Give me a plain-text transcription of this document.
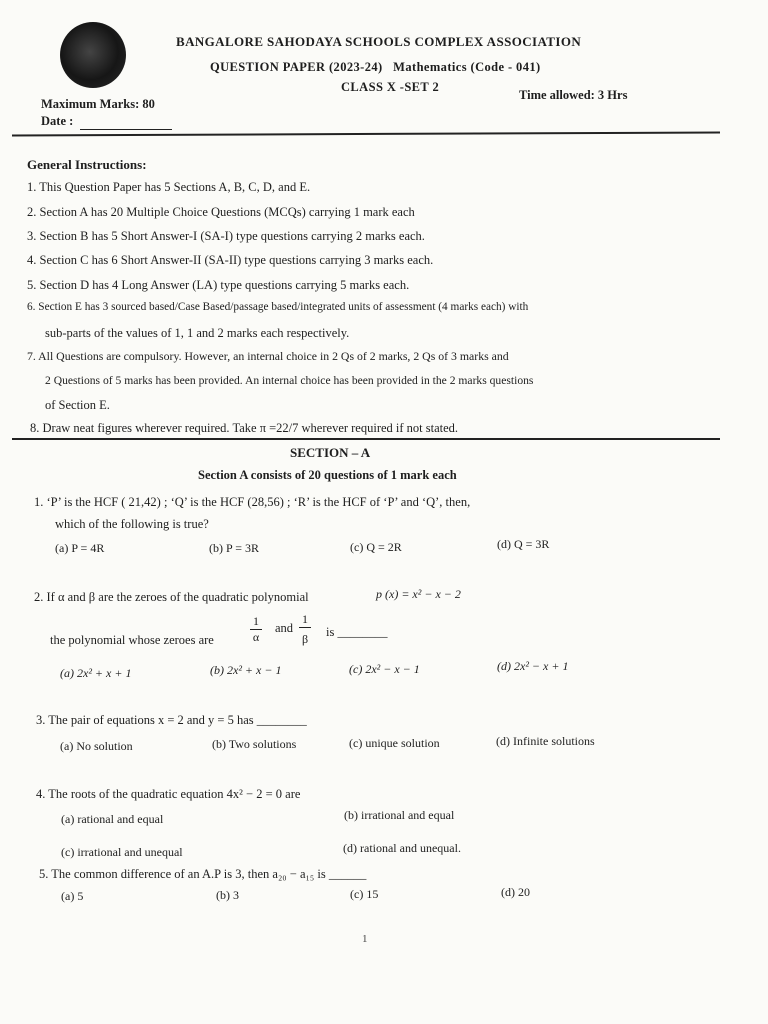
BANGALORE SAHODAYA SCHOOLS COMPLEX ASSOCIATION
QUESTION PAPER (2023-24) Mathematics (Code - 041)
CLASS X -SET 2
Maximum Marks: 80
Time allowed: 3 Hrs
Date :
General Instructions:
1. This Question Paper has 5 Sections A, B, C, D, and E.
2. Section A has 20 Multiple Choice Questions (MCQs) carrying 1 mark each
3. Section B has 5 Short Answer-I (SA-I) type questions carrying 2 marks each.
4. Section C has 6 Short Answer-II (SA-II) type questions carrying 3 marks each.
5. Section D has 4 Long Answer (LA) type questions carrying 5 marks each.
6. Section E has 3 sourced based/Case Based/passage based/integrated units of assessment (4 marks each) with
sub-parts of the values of 1, 1 and 2 marks each respectively.
7. All Questions are compulsory. However, an internal choice in 2 Qs of 2 marks, 2 Qs of 3 marks and
2 Questions of 5 marks has been provided. An internal choice has been provided in the 2 marks questions
of Section E.
8. Draw neat figures wherever required. Take π =22/7 wherever required if not stated.
SECTION – A
Section A consists of 20 questions of 1 mark each
1. ‘P’ is the HCF ( 21,42) ; ‘Q’ is the HCF (28,56) ; ‘R’ is the HCF of ‘P’ and ‘Q’, then,
which of the following is true?
(a) P = 4R	(b) P = 3R	(c) Q = 2R	(d) Q = 3R
2. If α and β are the zeroes of the quadratic polynomial	p (x) = x² − x − 2
the polynomial whose zeroes are	$\frac{1}{\alpha}$ and $\frac{1}{\beta}$ is ________
(a) 2x² + x + 1	(b) 2x² + x − 1	(c) 2x² − x − 1	(d) 2x² − x + 1
3. The pair of equations x = 2 and y = 5 has ________
(a) No solution	(b) Two solutions	(c) unique solution	(d) Infinite solutions
4. The roots of the quadratic equation 4x² − 2 = 0 are
(a) rational and equal	(b) irrational and equal
(c) irrational and unequal	(d) rational and unequal.
5. The common difference of an A.P is 3, then a₂₀ − a₁₅ is ______
(a) 5	(b) 3	(c) 15	(d) 20
1
